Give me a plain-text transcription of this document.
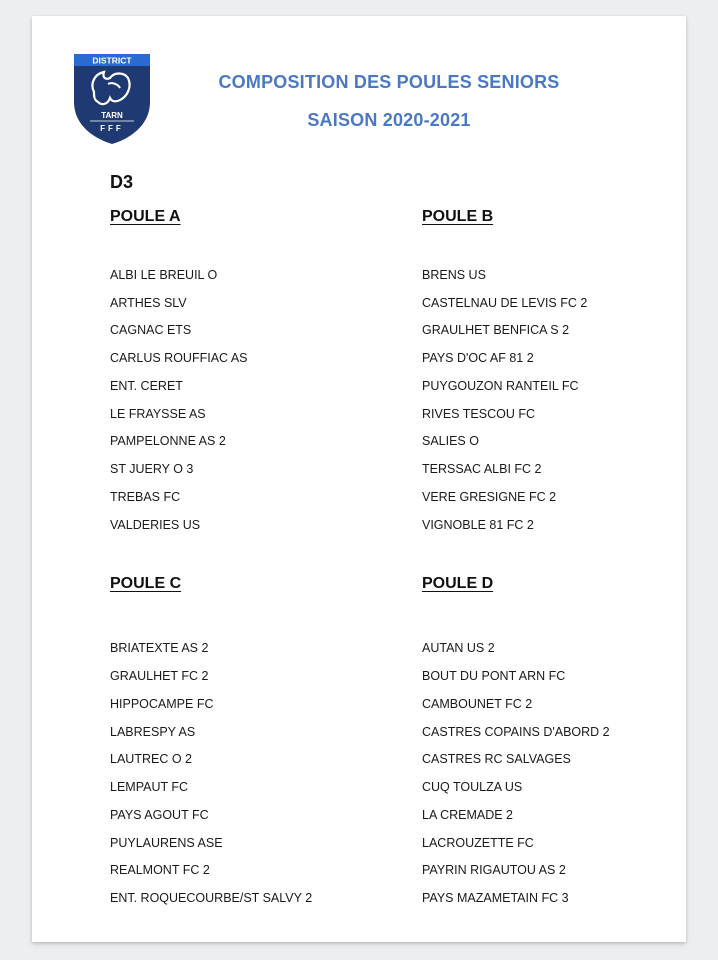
DISTRICT
TARN
FFF
COMPOSITION DES POULES SENIORS
SAISON 2020-2021
D3
POULE A
ALBI LE BREUIL O
ARTHES SLV
CAGNAC ETS
CARLUS ROUFFIAC AS
ENT. CERET
LE FRAYSSE AS
PAMPELONNE AS 2
ST JUERY O 3
TREBAS FC
VALDERIES US
POULE B
BRENS US
CASTELNAU DE LEVIS FC 2
GRAULHET BENFICA S 2
PAYS D'OC AF 81 2
PUYGOUZON RANTEIL FC
RIVES TESCOU FC
SALIES O
TERSSAC ALBI FC 2
VERE GRESIGNE FC 2
VIGNOBLE 81 FC 2
POULE C
BRIATEXTE AS 2
GRAULHET FC 2
HIPPOCAMPE FC
LABRESPY AS
LAUTREC O 2
LEMPAUT FC
PAYS AGOUT FC
PUYLAURENS ASE
REALMONT FC 2
ENT. ROQUECOURBE/ST SALVY 2
POULE D
AUTAN US 2
BOUT DU PONT ARN FC
CAMBOUNET FC 2
CASTRES COPAINS D'ABORD 2
CASTRES RC SALVAGES
CUQ TOULZA US
LA CREMADE 2
LACROUZETTE FC
PAYRIN RIGAUTOU AS 2
PAYS MAZAMETAIN FC 3
